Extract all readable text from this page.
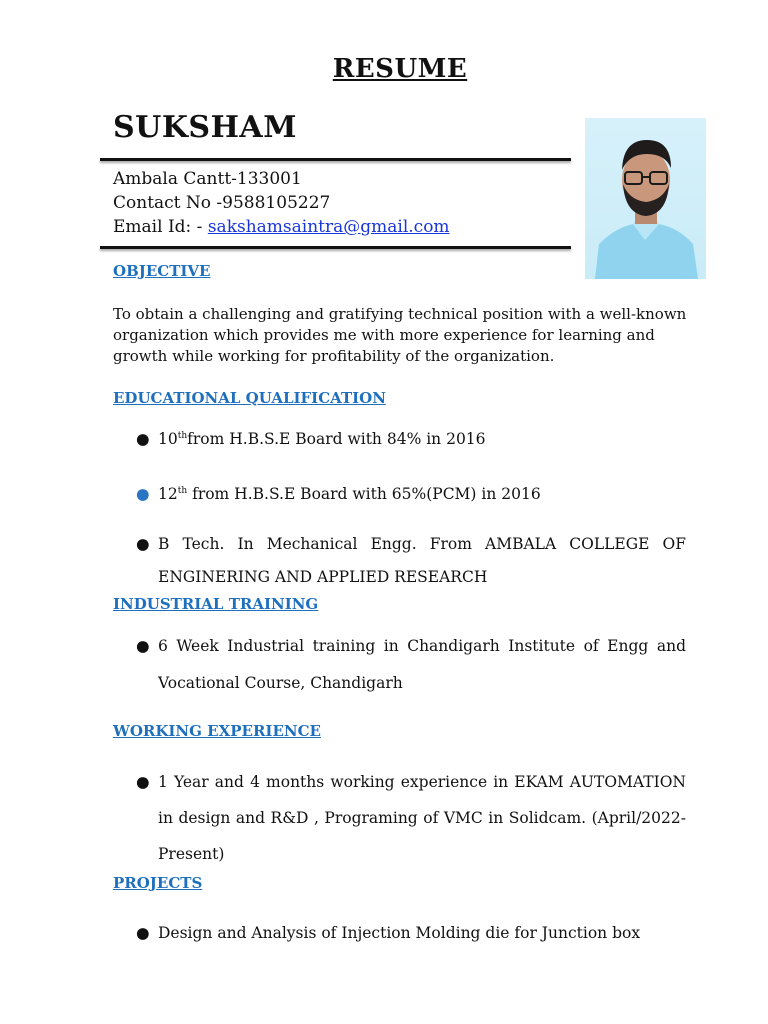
RESUME
SUKSHAM
Ambala Cantt-133001
Contact No -9588105227
Email Id: - sakshamsaintra@gmail.com
OBJECTIVE
To obtain a challenging and gratifying technical position with a well-known organization which provides me with more experience for learning and growth while working for profitability of the organization.
EDUCATIONAL QUALIFICATION
● 10thfrom H.B.S.E Board with 84% in 2016
● 12th from H.B.S.E Board with 65%(PCM) in 2016
● B Tech. In Mechanical Engg. From AMBALA COLLEGE OF ENGINERING AND APPLIED RESEARCH
INDUSTRIAL TRAINING
● 6 Week Industrial training in Chandigarh Institute of Engg and Vocational Course, Chandigarh
WORKING EXPERIENCE
● 1 Year and 4 months working experience in EKAM AUTOMATION in design and R&D , Programing of VMC in Solidcam. (April/2022-Present)
PROJECTS
● Design and Analysis of Injection Molding die for Junction box
